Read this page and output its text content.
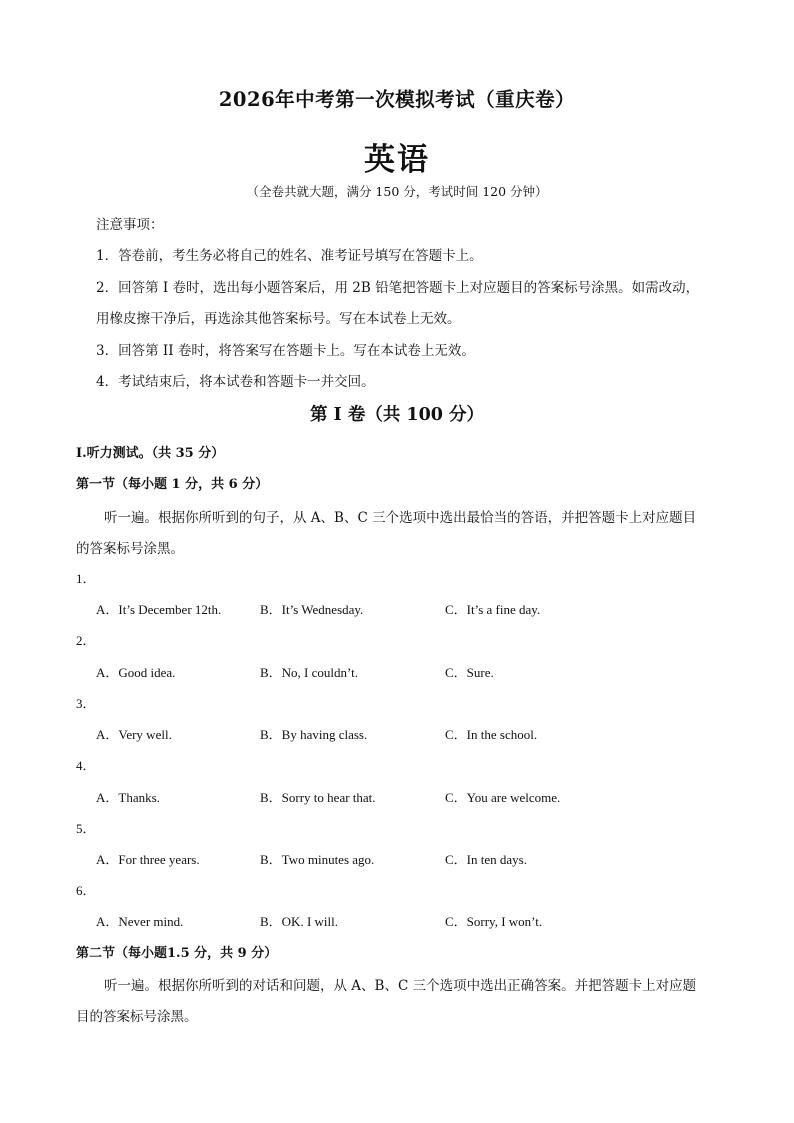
2026年中考第一次模拟考试（重庆卷）
英语
（全卷共就大题，满分 150 分，考试时间 120 分钟）
注意事项：
1．答卷前，考生务必将自己的姓名、准考证号填写在答题卡上。
2．回答第 I 卷时，选出每小题答案后，用 2B 铅笔把答题卡上对应题目的答案标号涂黑。如需改动，
用橡皮擦干净后，再选涂其他答案标号。写在本试卷上无效。
3．回答第 II 卷时，将答案写在答题卡上。写在本试卷上无效。
4．考试结束后，将本试卷和答题卡一并交回。
第 I 卷（共 100 分）
I.听力测试。（共 35 分）
第一节（每小题 1 分，共 6 分）
听一遍。根据你所听到的句子，从 A、B、C 三个选项中选出最恰当的答语，并把答题卡上对应题目
的答案标号涂黑。
1．
A．It’s December 12th.	B．It’s Wednesday.	C．It’s a fine day.
2．
A．Good idea.	B．No, I couldn’t.	C．Sure.
3．
A．Very well.	B．By having class.	C．In the school.
4．
A．Thanks.	B．Sorry to hear that.	C．You are welcome.
5．
A．For three years.	B．Two minutes ago.	C．In ten days.
6．
A．Never mind.	B．OK. I will.	C．Sorry, I won’t.
第二节（每小题1.5 分，共 9 分）
听一遍。根据你所听到的对话和问题，从 A、B、C 三个选项中选出正确答案。并把答题卡上对应题
目的答案标号涂黑。
